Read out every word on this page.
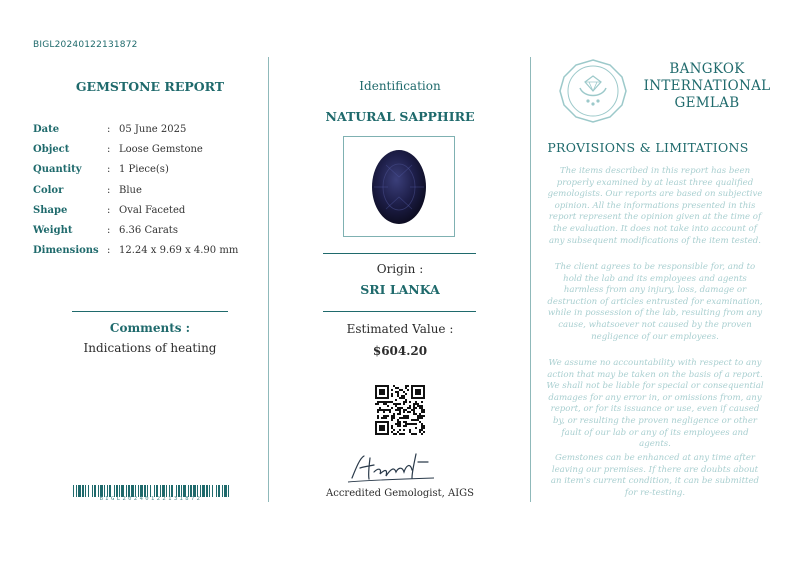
BIGL20240122131872
GEMSTONE REPORT
Date	:	05 June 2025
Object	:	Loose Gemstone
Quantity	:	1 Piece(s)
Color	:	Blue
Shape	:	Oval Faceted
Weight	:	6.36 Carats
Dimensions	:	12.24 x 9.69 x 4.90 mm
Comments :
Indications of heating
BIGL20240122131872
Identification
NATURAL SAPPHIRE
Origin :
SRI LANKA
Estimated Value :
$604.20
Accredited Gemologist, AIGS
BANGKOK
INTERNATIONAL
GEMLAB
PROVISIONS & LIMITATIONS
The items described in this report has been properly examined by at least three qualified gemologists. Our reports are based on subjective opinion. All the informations presented in this report represent the opinion given at the time of the evaluation. It does not take into account of any subsequent modifications of the item tested.
The client agrees to be responsible for, and to hold the lab and its employees and agents harmless from any injury, loss, damage or destruction of articles entrusted for examination, while in possession of the lab, resulting from any cause, whatsoever not caused by the proven negligence of our employees.
We assume no accountability with respect to any action that may be taken on the basis of a report. We shall not be liable for special or consequential damages for any error in, or omissions from, any report, or for its issuance or use, even if caused by, or resulting the proven negligence or other fault of our lab or any of its employees and agents.
Gemstones can be enhanced at any time after leaving our premises. If there are doubts about an item's current condition, it can be submitted for re-testing.
